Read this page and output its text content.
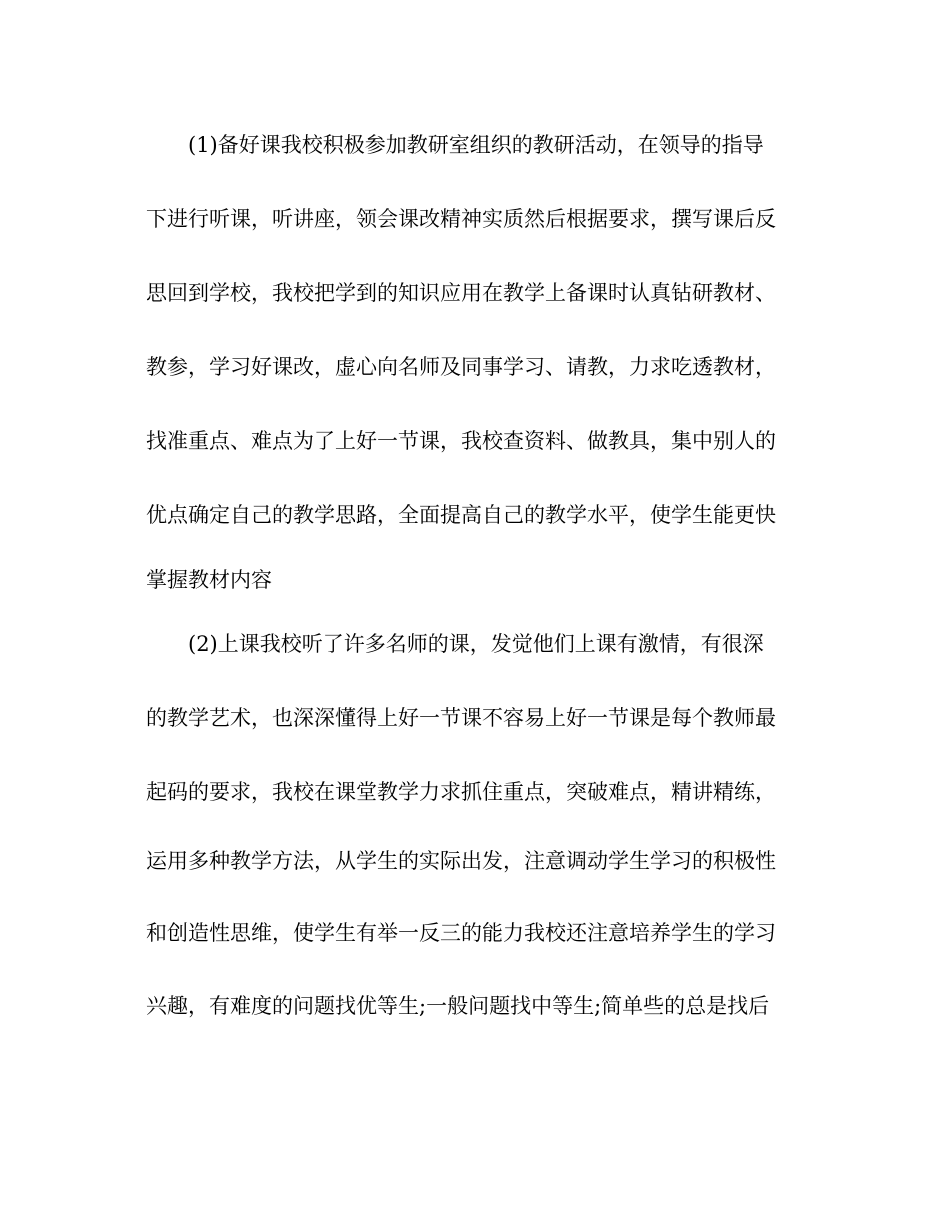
(1)备好课我校积极参加教研室组织的教研活动，在领导的指导
下进行听课，听讲座，领会课改精神实质然后根据要求，撰写课后反
思回到学校，我校把学到的知识应用在教学上备课时认真钻研教材、
教参，学习好课改，虚心向名师及同事学习、请教，力求吃透教材，
找准重点、难点为了上好一节课，我校查资料、做教具，集中别人的
优点确定自己的教学思路，全面提高自己的教学水平，使学生能更快
掌握教材内容
(2)上课我校听了许多名师的课，发觉他们上课有激情，有很深
的教学艺术，也深深懂得上好一节课不容易上好一节课是每个教师最
起码的要求，我校在课堂教学力求抓住重点，突破难点，精讲精练，
运用多种教学方法，从学生的实际出发，注意调动学生学习的积极性
和创造性思维，使学生有举一反三的能力我校还注意培养学生的学习
兴趣，有难度的问题找优等生;一般问题找中等生;简单些的总是找后
